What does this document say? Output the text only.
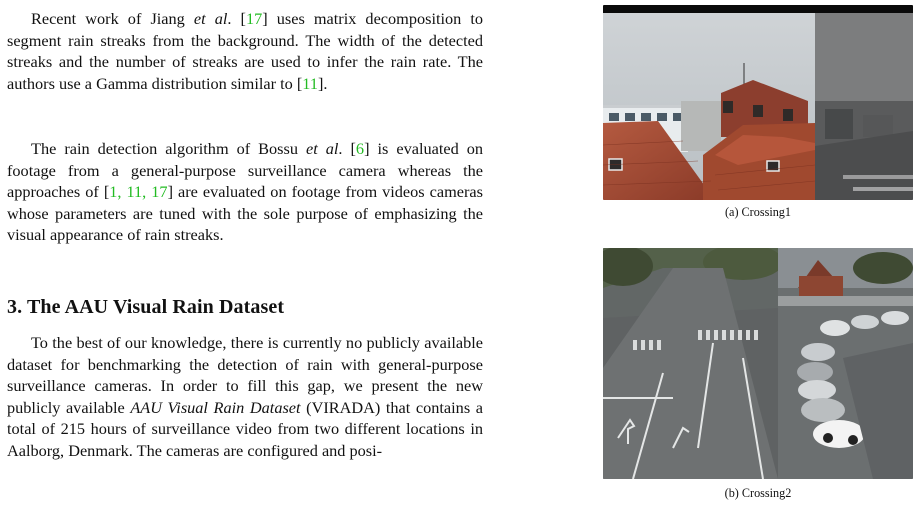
Recent work of Jiang et al. [17] uses matrix decomposition to segment rain streaks from the background. The width of the detected streaks and the number of streaks are used to infer the rain rate. The authors use a Gamma distribution similar to [11].

The rain detection algorithm of Bossu et al. [6] is evaluated on footage from a general-purpose surveillance camera whereas the approaches of [1, 11, 17] are evaluated on footage from videos cameras whose parameters are tuned with the sole purpose of emphasizing the visual appearance of rain streaks.

3. The AAU Visual Rain Dataset

To the best of our knowledge, there is currently no publicly available dataset for benchmarking the detection of rain with general-purpose surveillance cameras. In order to fill this gap, we present the new publicly available AAU Visual Rain Dataset (VIRADA) that contains a total of 215 hours of surveillance video from two different locations in Aalborg, Denmark. The cameras are configured and posi-

(a) Crossing1
(b) Crossing2
